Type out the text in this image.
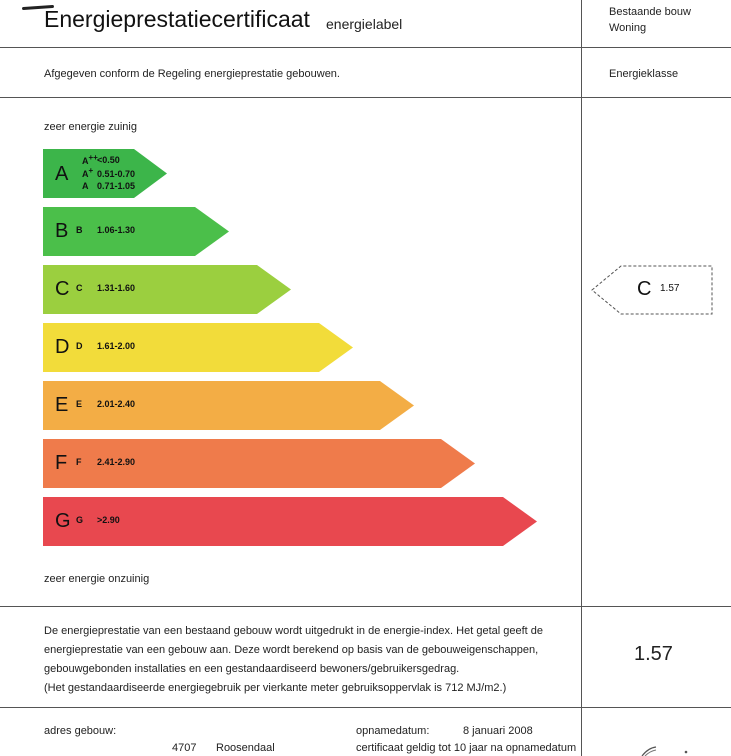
Energieprestatiecertificaat energielabel
Bestaande bouw
Woning
Afgegeven conform de Regeling energieprestatie gebouwen.	Energieklasse
zeer energie zuinig
A
A++ <0.50
A+ 0.51-0.70
A 0.71-1.05
B B 1.06-1.30
C C 1.31-1.60
D D 1.61-2.00
E E 2.01-2.40
F F 2.41-2.90
G G >2.90
zeer energie onzuinig
C 1.57
De energieprestatie van een bestaand gebouw wordt uitgedrukt in de energie-index. Het getal geeft de
energieprestatie van een gebouw aan. Deze wordt berekend op basis van de gebouweigenschappen,
gebouwgebonden installaties en een gestandaardiseerd bewoners/gebruikersgedrag.
(Het gestandaardiseerde energiegebruik per vierkante meter gebruiksoppervlak is 712 MJ/m2.)
1.57
adres gebouw:
4707 Roosendaal
opnamedatum:	8 januari 2008
certificaat geldig tot 10 jaar na opnamedatum
